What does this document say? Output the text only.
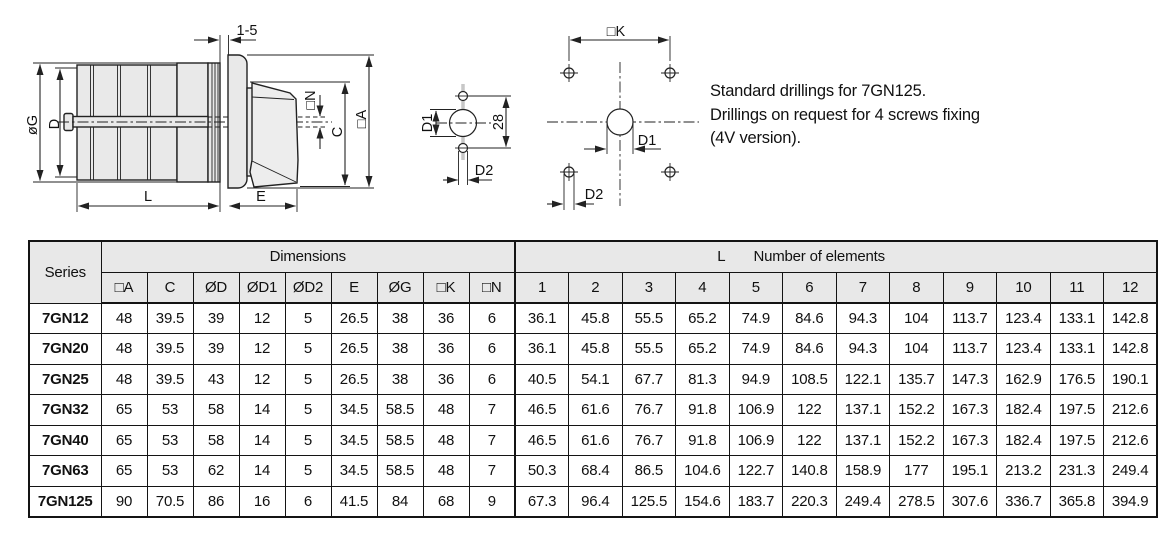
øG D
1-5
□N
C
□A
L	E
D1	28
D2
□K
D1
D2
Standard drillings for 7GN125.
Drillings on request for 4 screws fixing
(4V version).
Series	Dimensions									L Number of elements											

	□A	C	ØD	ØD1	ØD2	E	ØG	□K	□N	1	2	3	4	5	6	7	8	9	10	11	12
7GN12	48	39.5	39	12	5	26.5	38	36	6	36.1	45.8	55.5	65.2	74.9	84.6	94.3	104	113.7	123.4	133.1	142.8
7GN20	48	39.5	39	12	5	26.5	38	36	6	36.1	45.8	55.5	65.2	74.9	84.6	94.3	104	113.7	123.4	133.1	142.8
7GN25	48	39.5	43	12	5	26.5	38	36	6	40.5	54.1	67.7	81.3	94.9	108.5	122.1	135.7	147.3	162.9	176.5	190.1
7GN32	65	53	58	14	5	34.5	58.5	48	7	46.5	61.6	76.7	91.8	106.9	122	137.1	152.2	167.3	182.4	197.5	212.6
7GN40	65	53	58	14	5	34.5	58.5	48	7	46.5	61.6	76.7	91.8	106.9	122	137.1	152.2	167.3	182.4	197.5	212.6
7GN63	65	53	62	14	5	34.5	58.5	48	7	50.3	68.4	86.5	104.6	122.7	140.8	158.9	177	195.1	213.2	231.3	249.4
7GN125	90	70.5	86	16	6	41.5	84	68	9	67.3	96.4	125.5	154.6	183.7	220.3	249.4	278.5	307.6	336.7	365.8	394.9
